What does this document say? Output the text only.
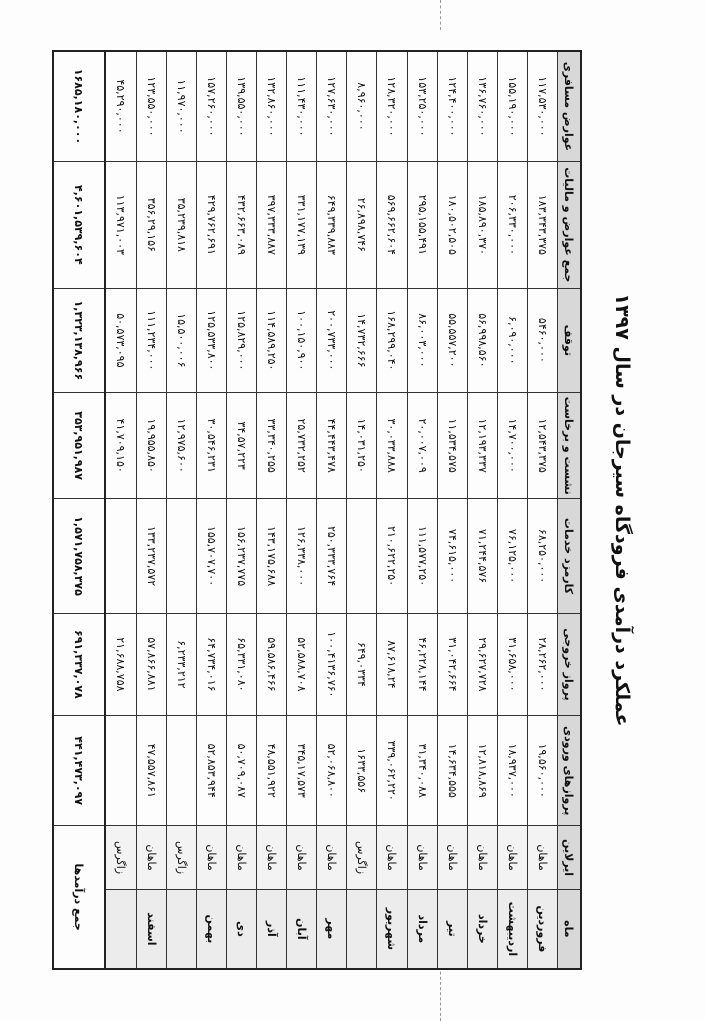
عملکرد درآمدی فرودگاه سیرجان در سال ۱۳۹۷
ماه	ایرلاین	پروازهای ورودی	پرواز خروجی	کارمزد خدمات	نشست و برخاست	توقف	جمع عوارض و مالیات	عوارض مسافری
فروردین	ماهان	۱۹,۵۶۰,۰۰۰	۲۸,۲۶۲,۰۰۰	۶۸,۲۵۰,۰۰۰	۱۲,۵۴۳,۳۷۵	۵۴۶۰,۰۰۰	۱۸۳,۳۴۳,۳۷۵	۱۱۷,۵۳۰,۰۰۰
اردیبهشت	ماهان	۱۸,۹۳۷,۰۰۰	۳۱,۶۵۸,۰۰۰	۷۶,۱۲۵,۰۰۰	۱۴,۷۰۰,۰۰۰	۶,۰۹۰,۰۰۰	۲۰۶,۳۳۰,۰۰۰	۱۵۵,۱۹۰,۰۰۰
خرداد	ماهان	۱۲,۸۱۸,۸۶۹	۲۹,۶۲۷,۷۲۸	۷۱,۲۴۴,۵۷۶	۱۲,۱۹۳,۳۳۷	۵۶,۹۹۸,۵۶۰	۱۸۵,۸۹۰,۳۷۰	۱۳۶,۷۶۰,۰۰۰
تیر	ماهان	۱۴,۶۳۴,۵۵۵	۳۱,۰۴۲,۶۶۴	۷۴,۶۱۵,۰۰۰	۱۱,۵۳۴,۵۷۵	۵۵,۵۵۷,۲۰۰	۱۸۰,۵۰۲,۵۰۵	۱۲۴,۴۰۰,۰۰۰
مرداد	ماهان	۳۱,۳۴۰,۰۸۸	۴۶,۲۲۸,۱۴۴	۱۱۱,۵۷۷,۲۵۰	۲۰,۰۰۷,۰۰۹	۸۶,۰۰۳,۰۰۰	۲۹۵,۱۵۵,۴۹۱	۱۵۳,۲۵۰,۰۰۰
شهریور	ماهان	۳۳۹,۰۶۲,۲۲۰	۸۷,۶۱۸,۲۴	۲۱۰,۶۲۲,۲۵۰	۳۰,۰۳۳,۸۸۸	۱۶۸,۲۹۹,۰۴۰	۵۶۹,۶۶۲,۶۰۴	۱۲۸,۳۲۰,۰۰۰
	زاگرس	۱۶۳۳,۵۵۶	۶۴۹,۰۳۳۴		۱۴,۰۳۱,۲۵۰	۱۴,۷۳۲,۶۶۶	۲۶,۸۹۸,۷۴۶	۸,۹۶۰,۰۰۰
مهر	ماهان	۵۲,۰۶۸,۸۰۰	۱۰۰,۴۱۳۶,۷۶۰	۲۵۰,۳۳۳,۷۶۴	۴۴,۴۴۳,۴۷۸	۲۰۰,۷۳۳,۰۰۰	۶۴۹,۳۳۹,۸۸۳	۱۲۷,۶۳۰,۰۰۰
آبان	ماهان	۳۴۵,۱۷,۵۷۳	۵۲,۵۸۸,۷۰۸	۱۲۶,۳۳۸,۰۰۰	۲۵,۷۳۲,۲۵۲	۱۰۰,۱۵۰,۹۰۰	۳۳۱,۱۷۷,۱۳۹	۱۱۱,۴۳۰,۰۰۰
آذر	ماهان	۴۸,۵۵۱,۹۲۲	۵۹,۵۸۶,۴۶۶	۱۴۳,۱۷۵,۶۸۸	۳۳,۳۴۰,۲۵۵	۱۱۴,۵۸۹,۲۵۰	۳۹۷,۳۳۳,۸۸۷	۱۳۲,۸۶۰,۰۰۰
دی	ماهان	۵۰,۷۰۹,۰۸۷	۶۵,۳۳۱,۰۸۰	۱۵۶,۲۳۷,۷۷۵	۳۴,۵۷,۲۲۳	۱۲۵,۸۲۹,۰۰۰	۴۳۲,۶۶۳,۰۸۹	۱۳۹,۵۵۰,۰۰۰
بهمن	ماهان	۵۲,۸۵۳,۹۴۴	۶۴,۷۳۴,۰۱۶	۱۵۵,۷۰۷,۷۰۰	۳۰,۵۴۶,۲۳۱	۱۲۵,۵۳۳,۸۰۰	۴۲۹,۷۶۲,۶۹۱	۱۵۷,۲۶۰,۰۰۰
	زاگرس		۶,۲۳۳,۲۱۲		۱۲,۹۷۵,۶۰۰	۱۵,۵۰۰,۰۰۶	۳۵,۲۳۹,۸۱۸	۱۱,۹۷۰,۰۰۰
اسفند	ماهان	۴۷,۵۵۷,۸۶۱	۵۷,۸۶۶,۸۸۱	۱۳۳,۲۳۷,۵۷۲	۱۹,۹۵۵,۸۵۰	۱۱۱,۲۳۴,۰۰۰	۳۵۶,۲۹,۱۵۶	۱۲۳,۵۵۰,۰۰۰
	زاگرس		۲۱,۶۸۸,۷۵۸		۴۱,۷۰۹,۱۵۰	۵۰,۵۷۳,۰۹۵	۱۱۳,۹۷۱,۰۰۳	۴۵,۲۹۰,۰۰۰
جمع درآمدها		۴۴۱,۴۷۳,۰۹۷	۶۹۱,۳۳۷,۰۷۸	۱,۵۷۱,۷۵۸,۳۷۵	۳۵۳,۹۵۱,۹۸۷	۱,۳۲۳,۱۳۸,۹۶۶	۴,۶۰۱,۵۳۹,۶۰۴	۱۶۸۵,۱۸۰,۰۰۰
